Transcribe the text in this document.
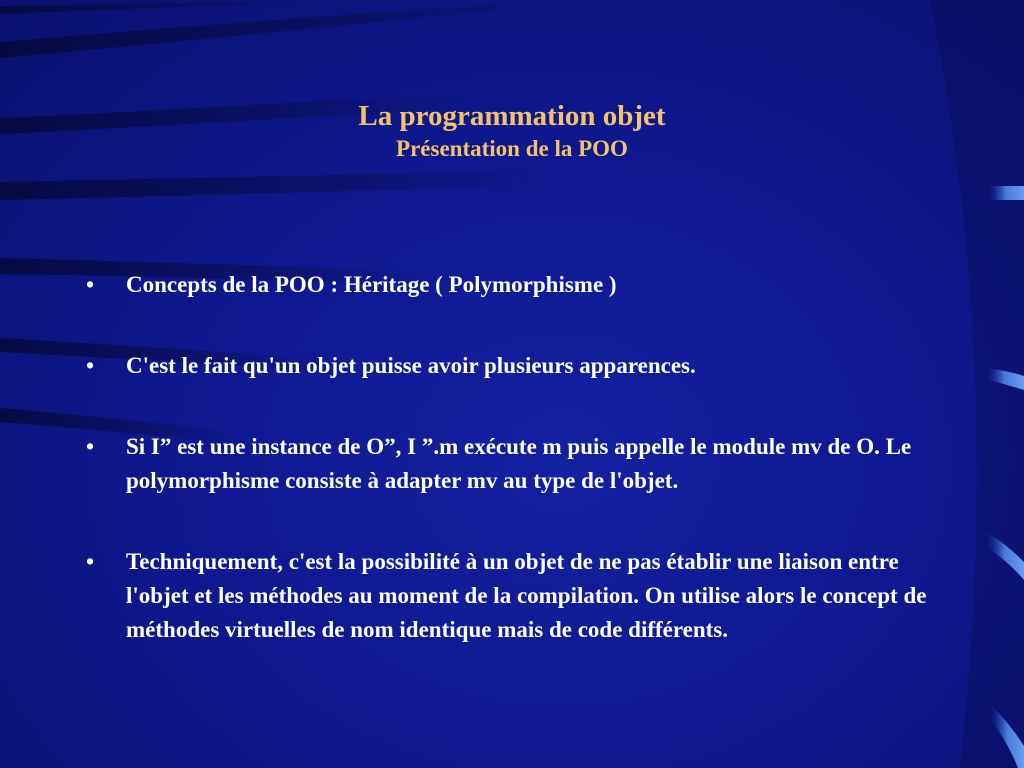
La programmation objet
Présentation de la POO
•	Concepts de la POO : Héritage ( Polymorphisme )
•	C'est le fait qu'un objet puisse avoir plusieurs apparences.
•	Si I” est une instance de O”, I ”.m exécute m puis appelle le module mv de O. Le polymorphisme consiste à adapter mv au type de l'objet.
•	Techniquement, c'est la possibilité à un objet de ne pas établir une liaison entre l'objet et les méthodes au moment de la compilation. On utilise alors le concept de méthodes virtuelles de nom identique mais de code différents.
